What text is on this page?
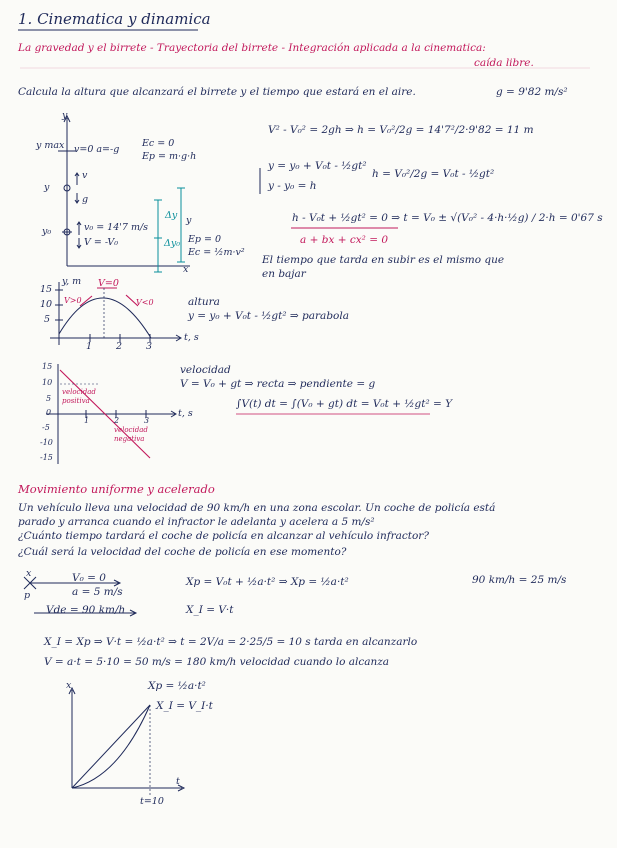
1. Cinematica y dinamica
La gravedad y el birrete - Trayectoria del birrete - Integración aplicada a la cinematica:
caída libre.
Calcula la altura que alcanzará el birrete y el tiempo que estará en el aire.	g = 9'82 m/s²
y
x
y max
y
y₀
v=0 a=-g
Ec = 0
Ep = m·g·h
v
g
v₀ = 14'7 m/s
V = -V₀
Δy
Δy₀
y
Ep = 0
Ec = ½m·v²
V² - V₀² = 2gh ⇒ h = V₀²/2g = 14'7²/2·9'82 = 11 m
y = y₀ + V₀t - ½gt²
y - y₀ = h
h = V₀²/2g = V₀t - ½gt²
h - V₀t + ½gt² = 0 ⇒ t = V₀ ± √(V₀² - 4·h·½g) / 2·h = 0'67 s
a + bx + cx² = 0
El tiempo que tarda en subir es el mismo que
en bajar
y, m
t, s
V=0
V>0	V<0
15
10
5
1	2	3
altura
y = y₀ + V₀t - ½gt² ⇒ parabola
t, s
15
10
5
0
-5
-10
-15
1	2	3
velocidad positiva
velocidad negativa
velocidad
V = V₀ + gt ⇒ recta ⇒ pendiente = g
∫V(t) dt = ∫(V₀ + gt) dt = V₀t + ½gt² = Y
Movimiento uniforme y acelerado
Un vehículo lleva una velocidad de 90 km/h en una zona escolar. Un coche de policía está
parado y arranca cuando el infractor le adelanta y acelera a 5 m/s²
¿Cuánto tiempo tardará el coche de policía en alcanzar al vehículo infractor?
¿Cuál será la velocidad del coche de policía en ese momento?
x
p
V₀ = 0
a = 5 m/s
Xp = V₀t + ½a·t² ⇒ Xp = ½a·t²	90 km/h = 25 m/s
Vde = 90 km/h	X_I = V·t
X_I = Xp ⇒ V·t = ½a·t² ⇒ t = 2V/a = 2·25/5 = 10 s tarda en alcanzarlo
V = a·t = 5·10 = 50 m/s = 180 km/h velocidad cuando lo alcanza
x
t
Xp = ½a·t²
X_I = V_I·t
t=10
